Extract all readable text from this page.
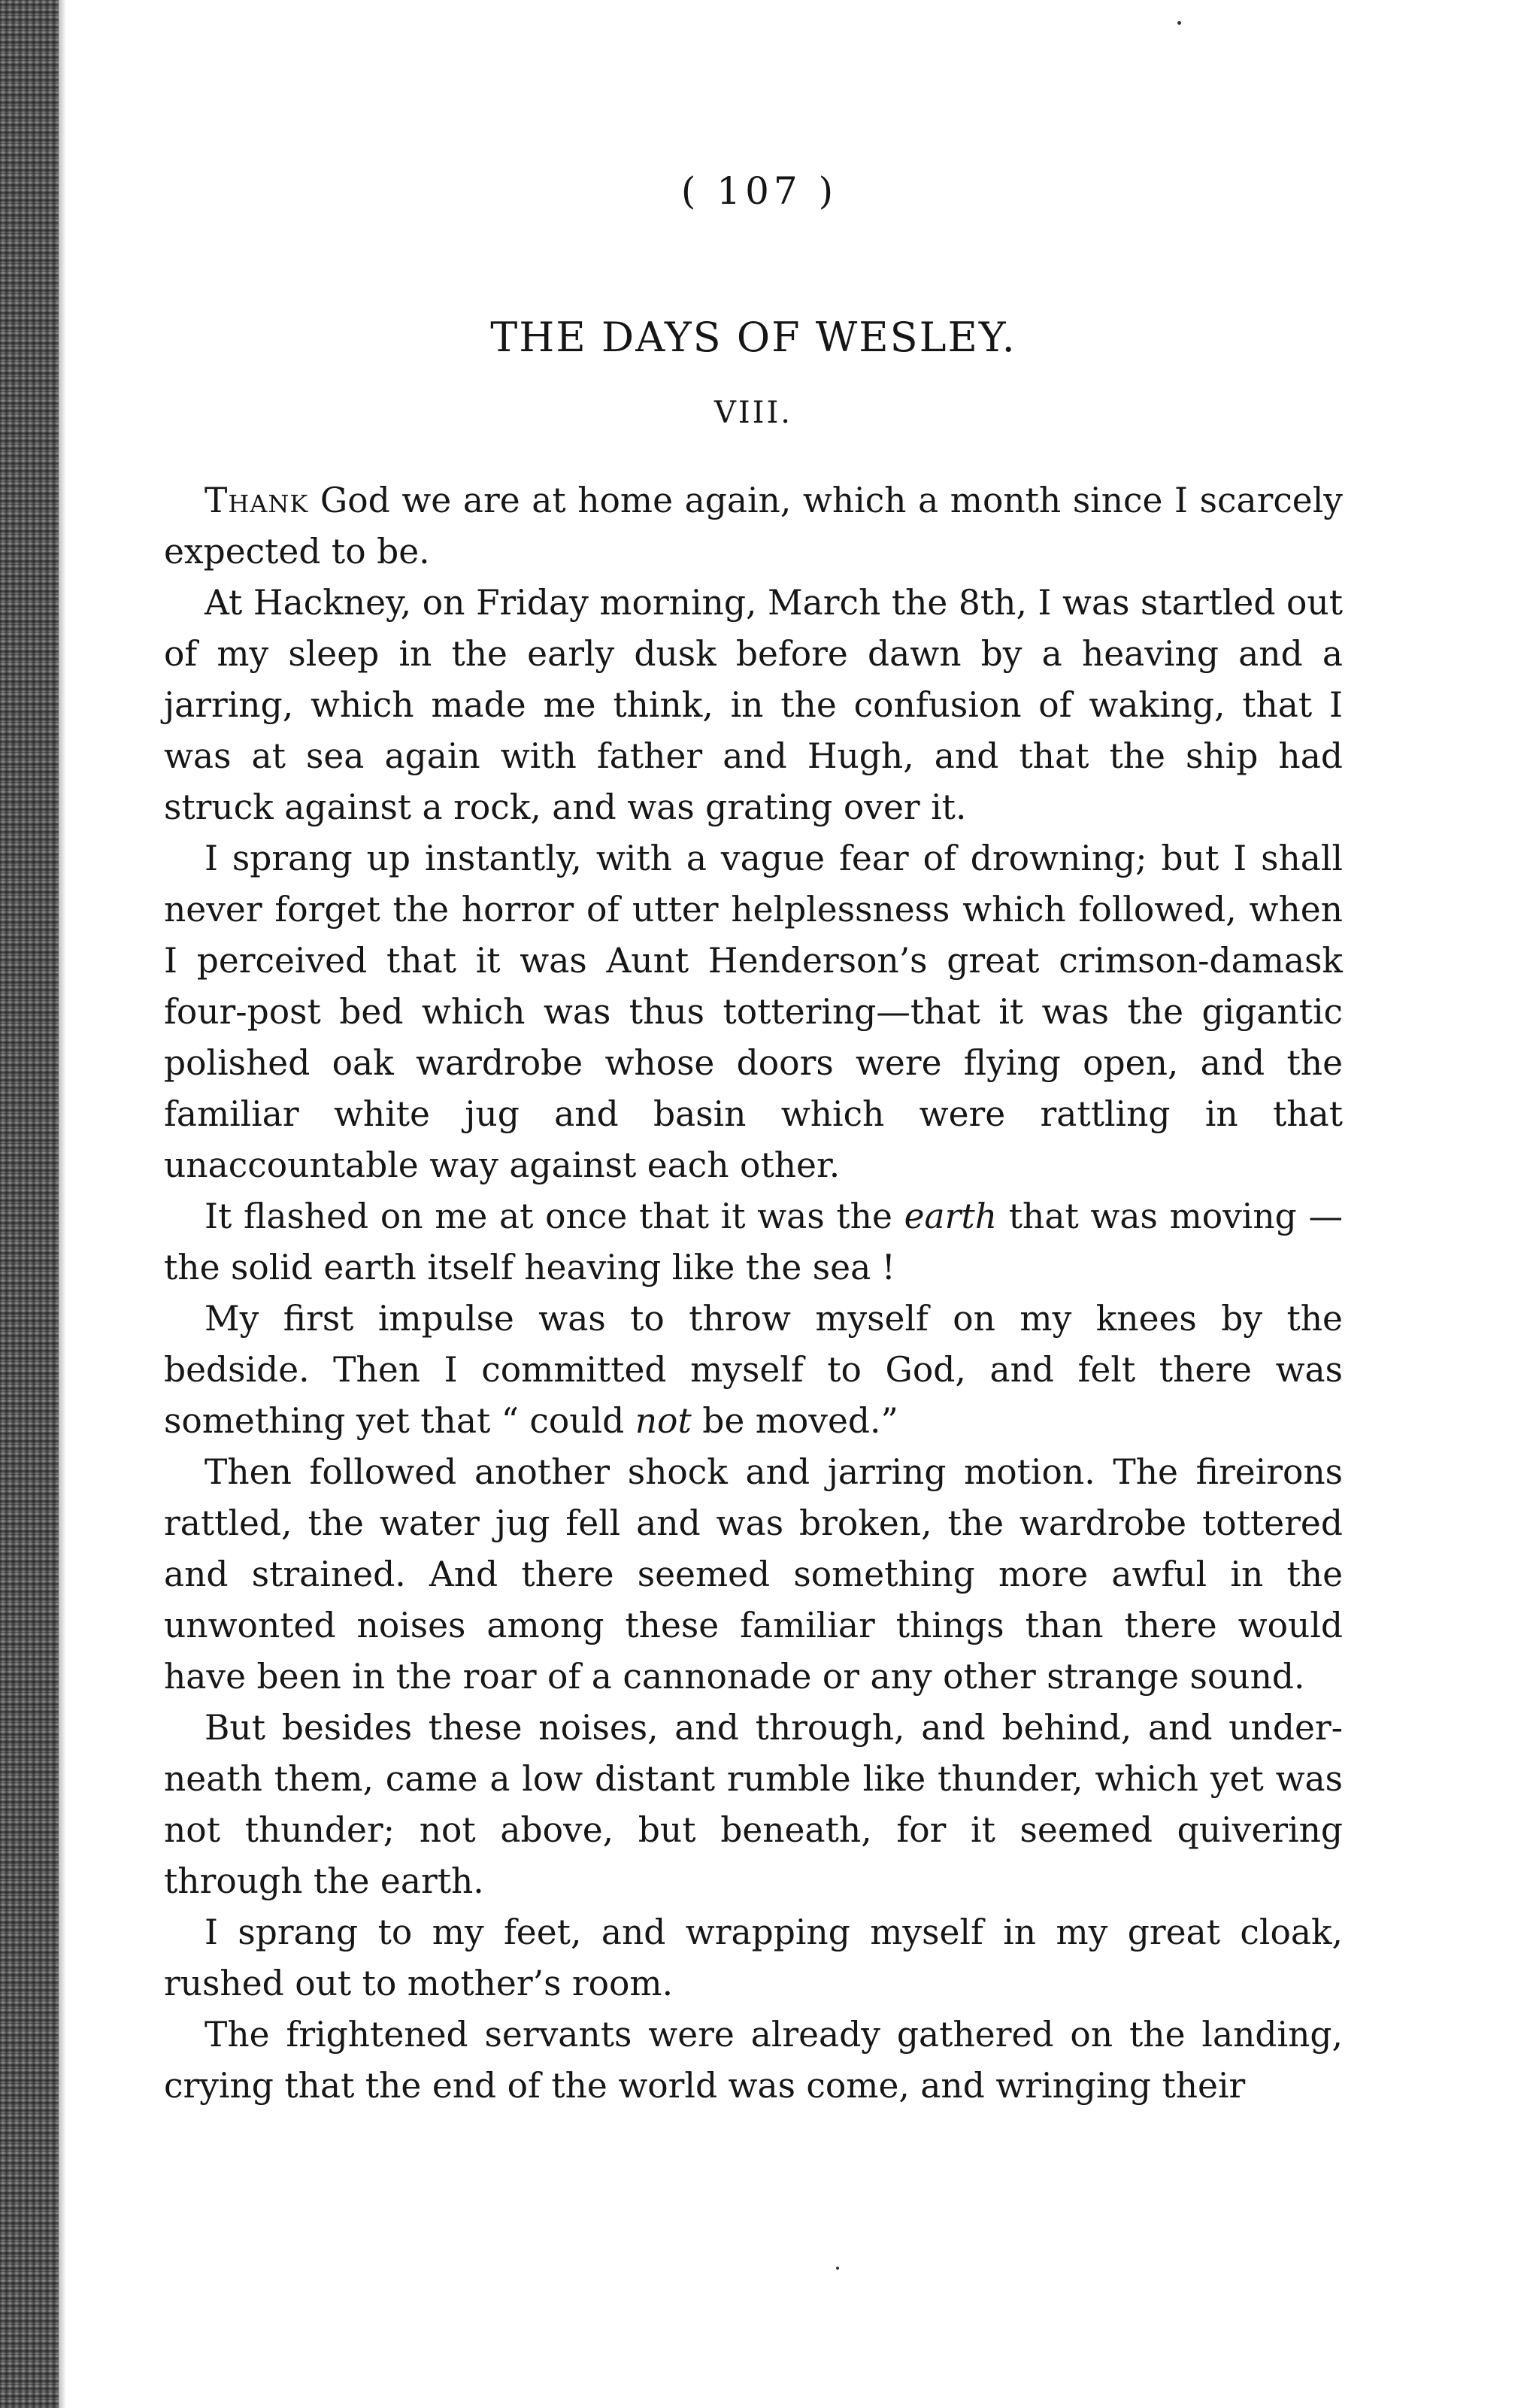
( 107 )
THE DAYS OF WESLEY.
VIII.

Thank God we are at home again, which a month since I scarcely expected to be.

At Hackney, on Friday morning, March the 8th, I was startled out of my sleep in the early dusk before dawn by a heaving and a jarring, which made me think, in the confusion of waking, that I was at sea again with father and Hugh, and that the ship had struck against a rock, and was grating over it.

I sprang up instantly, with a vague fear of drowning; but I shall never forget the horror of utter helplessness which followed, when I perceived that it was Aunt Henderson’s great crimson-damask four-post bed which was thus tottering—that it was the gigantic polished oak wardrobe whose doors were flying open, and the familiar white jug and basin which were rattling in that unaccountable way against each other.

It flashed on me at once that it was the earth that was moving —the solid earth itself heaving like the sea !

My first impulse was to throw myself on my knees by the bedside. Then I committed myself to God, and felt there was something yet that “ could not be moved.”

Then followed another shock and jarring motion. The fireirons rattled, the water jug fell and was broken, the wardrobe tottered and strained. And there seemed something more awful in the unwonted noises among these familiar things than there would have been in the roar of a cannonade or any other strange sound.

But besides these noises, and through, and behind, and underneath them, came a low distant rumble like thunder, which yet was not thunder; not above, but beneath, for it seemed quivering through the earth.

I sprang to my feet, and wrapping myself in my great cloak, rushed out to mother’s room.

The frightened servants were already gathered on the landing, crying that the end of the world was come, and wringing their
